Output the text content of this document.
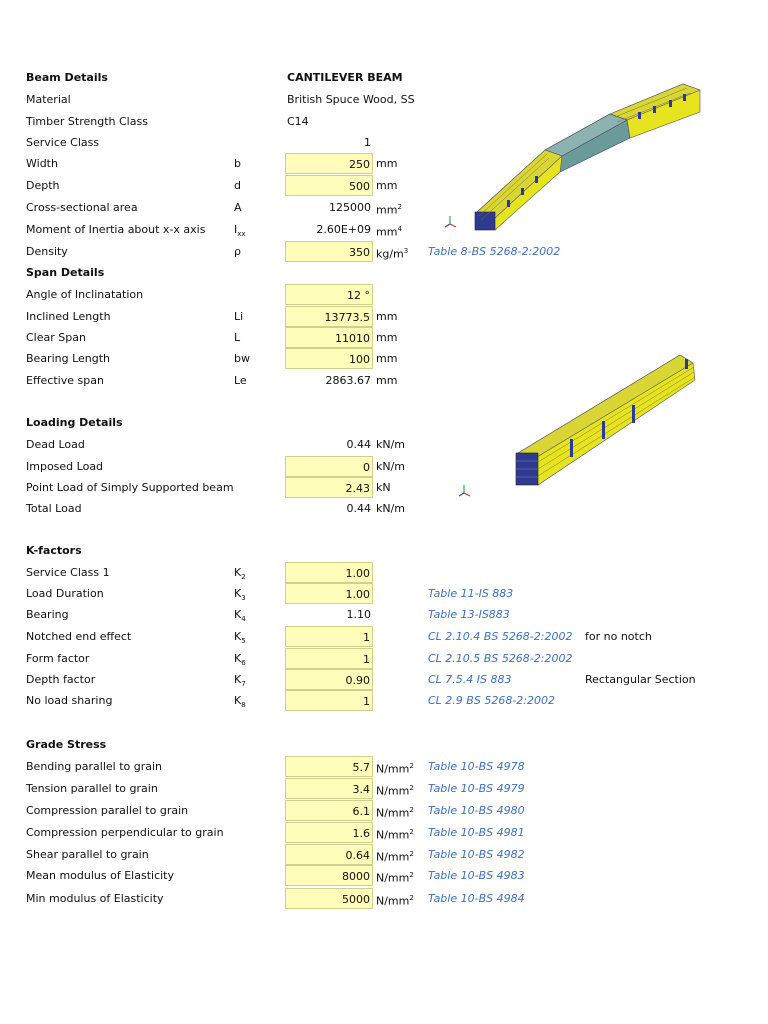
Beam Details	CANTILEVER BEAM
Material	British Spuce Wood, SS
Timber Strength Class	C14
Service Class	1
Width	b	250 mm
Depth	d	500 mm
Cross-sectional area	A	125000 $mm^2$
Moment of Inertia about x-x axis	$I_{xx}$	2.60E+09 $mm^4$
Density	ρ	350 $kg/m^3$ Table 8-BS 5268-2:2002
Span Details
Angle of Inclinatation	12 °
Inclined Length	Li	13773.5 mm
Clear Span	L	11010 mm
Bearing Length	bw	100 mm
Effective span	Le	2863.67 mm
Loading Details
Dead Load	0.44 kN/m
Imposed Load	0 kN/m
Point Load of Simply Supported beam	2.43 kN
Total Load	0.44 kN/m
K-factors
Service Class 1	$K_2$	1.00
Load Duration	$K_3$	1.00	Table 11-IS 883
Bearing	$K_4$	1.10	Table 13-IS883
Notched end effect	$K_5$	1	CL 2.10.4 BS 5268-2:2002 for no notch
Form factor	$K_6$	1	CL 2.10.5 BS 5268-2:2002
Depth factor	$K_7$	0.90	CL 7.5.4 IS 883	Rectangular Section
No load sharing	$K_8$	1	CL 2.9 BS 5268-2:2002
Grade Stress
Bending parallel to grain	5.7 $N/mm^2$ Table 10-BS 4978
Tension parallel to grain	3.4 $N/mm^2$ Table 10-BS 4979
Compression parallel to grain	6.1 $N/mm^2$ Table 10-BS 4980
Compression perpendicular to grain	1.6 $N/mm^2$ Table 10-BS 4981
Shear parallel to grain	0.64 $N/mm^2$ Table 10-BS 4982
Mean modulus of Elasticity	8000 $N/mm^2$ Table 10-BS 4983
Min modulus of Elasticity	5000 $N/mm^2$ Table 10-BS 4984
